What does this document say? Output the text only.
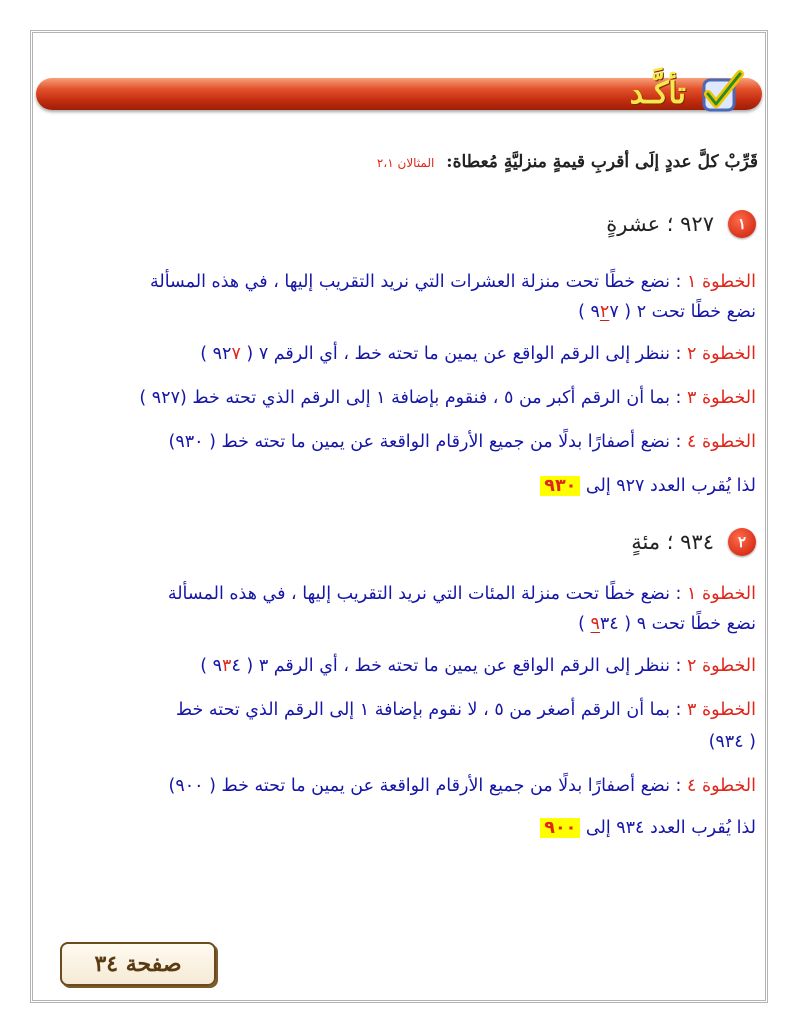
تأكَّـد
قَرِّبْ كلَّ عددٍ إلَى أقربِ قيمةٍ منزليَّةٍ مُعطاة: المثالان ٢،١
١
٩٢٧ ؛ عشرةٍ
الخطوة ١ : نضع خطًا تحت منزلة العشرات التي نريد التقريب إليها ، في هذه المسألة
نضع خطًا تحت ٢ ( ٩٢٧ )
الخطوة ٢ : ننظر إلى الرقم الواقع عن يمين ما تحته خط ، أي الرقم ٧ ( ٩٢٧ )
الخطوة ٣ : بما أن الرقم أكبر من ٥ ، فنقوم بإضافة ١ إلى الرقم الذي تحته خط (٩٢٧ )
الخطوة ٤ : نضع أصفارًا بدلًا من جميع الأرقام الواقعة عن يمين ما تحته خط ( ٩٣٠)
لذا يُقرب العدد ٩٢٧ إلى ٩٣٠
٢
٩٣٤ ؛ مئةٍ
الخطوة ١ : نضع خطًا تحت منزلة المئات التي نريد التقريب إليها ، في هذه المسألة
نضع خطًا تحت ٩ ( ٩٣٤ )
الخطوة ٢ : ننظر إلى الرقم الواقع عن يمين ما تحته خط ، أي الرقم ٣ ( ٩٣٤ )
الخطوة ٣ : بما أن الرقم أصغر من ٥ ، لا نقوم بإضافة ١ إلى الرقم الذي تحته خط
( ٩٣٤)
الخطوة ٤ : نضع أصفارًا بدلًا من جميع الأرقام الواقعة عن يمين ما تحته خط ( ٩٠٠)
لذا يُقرب العدد ٩٣٤ إلى ٩٠٠
صفحة ٣٤
